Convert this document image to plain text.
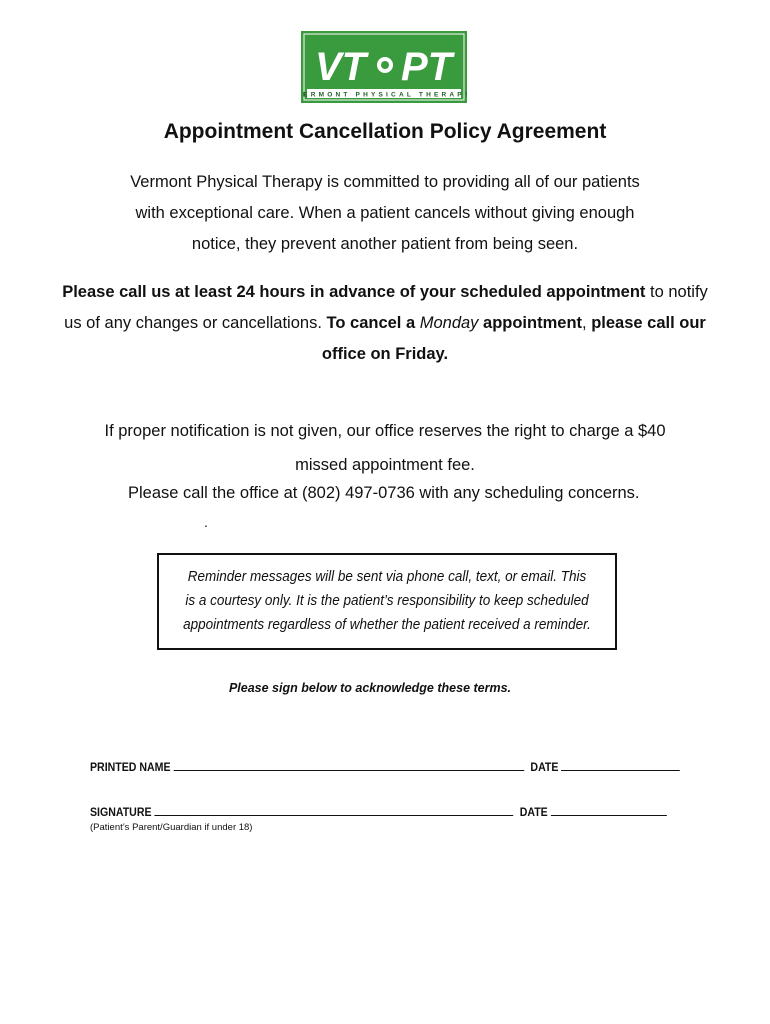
VT PT
VERMONT PHYSICAL THERAPY
Appointment Cancellation Policy Agreement

Vermont Physical Therapy is committed to providing all of our patients
with exceptional care. When a patient cancels without giving enough
notice, they prevent another patient from being seen.

Please call us at least 24 hours in advance of your scheduled appointment to notify us of any changes or cancellations. To cancel a Monday appointment, please call our office on Friday.

If proper notification is not given, our office reserves the right to charge a $40
missed appointment fee.

Please call the office at (802) 497-0736 with any scheduling concerns.

.

Reminder messages will be sent via phone call, text, or email. This
is a courtesy only. It is the patient’s responsibility to keep scheduled
appointments regardless of whether the patient received a reminder.

Please sign below to acknowledge these terms.

PRINTED NAME	DATE
SIGNATURE	DATE

(Patient’s Parent/Guardian if under 18)
